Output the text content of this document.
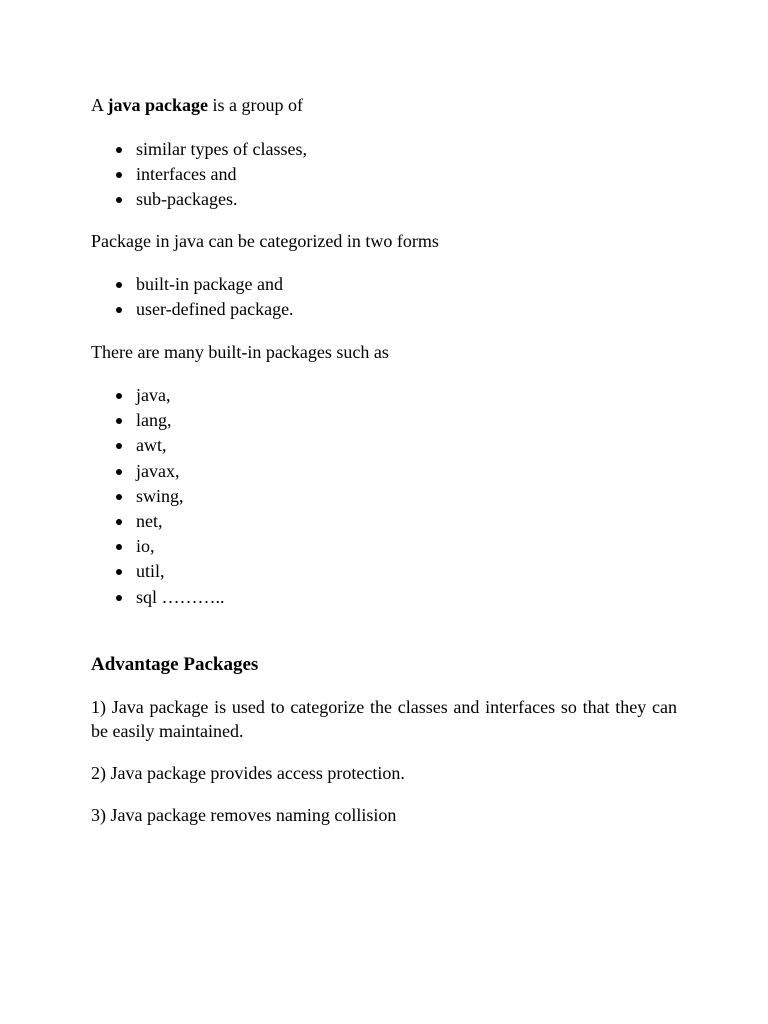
A java package is a group of

similar types of classes,
interfaces and
sub-packages.

Package in java can be categorized in two forms

built-in package and
user-defined package.

There are many built-in packages such as

java,
lang,
awt,
javax,
swing,
net,
io,
util,
sql ………..
Advantage Packages

1) Java package is used to categorize the classes and interfaces so that they can be easily maintained.

2) Java package provides access protection.

3) Java package removes naming collision
